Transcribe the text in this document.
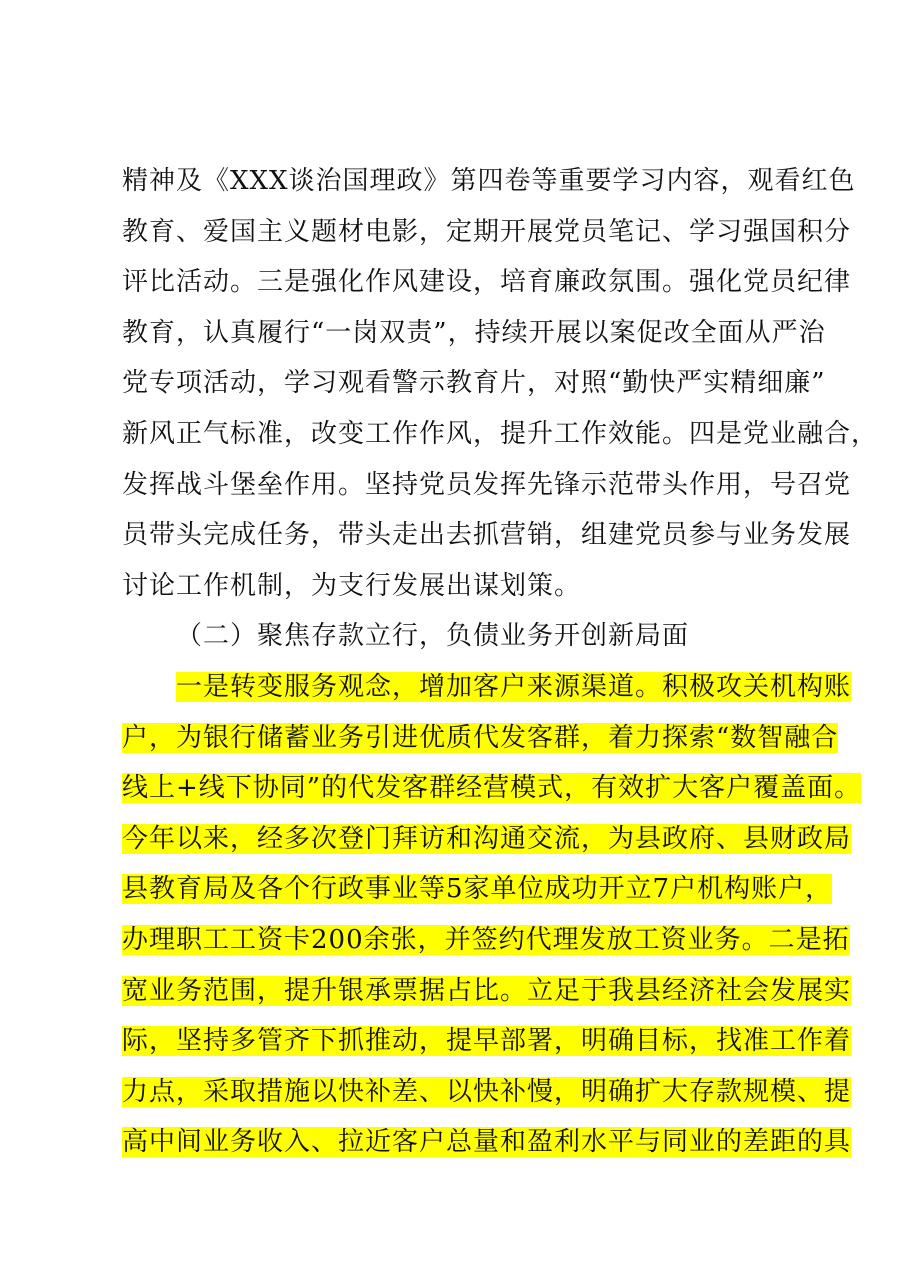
精神及《XXX谈治国理政》第四卷等重要学习内容，观看红色
教育、爱国主义题材电影，定期开展党员笔记、学习强国积分
评比活动。三是强化作风建设，培育廉政氛围。强化党员纪律
教育，认真履行“一岗双责”，持续开展以案促改全面从严治
党专项活动，学习观看警示教育片，对照“勤快严实精细廉”
新风正气标准，改变工作作风，提升工作效能。四是党业融合，
发挥战斗堡垒作用。坚持党员发挥先锋示范带头作用，号召党
员带头完成任务，带头走出去抓营销，组建党员参与业务发展
讨论工作机制，为支行发展出谋划策。
（二）聚焦存款立行，负债业务开创新局面
一是转变服务观念，增加客户来源渠道。积极攻关机构账
户，为银行储蓄业务引进优质代发客群，着力探索“数智融合
线上+线下协同”的代发客群经营模式，有效扩大客户覆盖面。
今年以来，经多次登门拜访和沟通交流，为县政府、县财政局
县教育局及各个行政事业等5家单位成功开立7户机构账户，
办理职工工资卡200余张，并签约代理发放工资业务。二是拓
宽业务范围，提升银承票据占比。立足于我县经济社会发展实
际，坚持多管齐下抓推动，提早部署，明确目标，找准工作着
力点，采取措施以快补差、以快补慢，明确扩大存款规模、提
高中间业务收入、拉近客户总量和盈利水平与同业的差距的具
